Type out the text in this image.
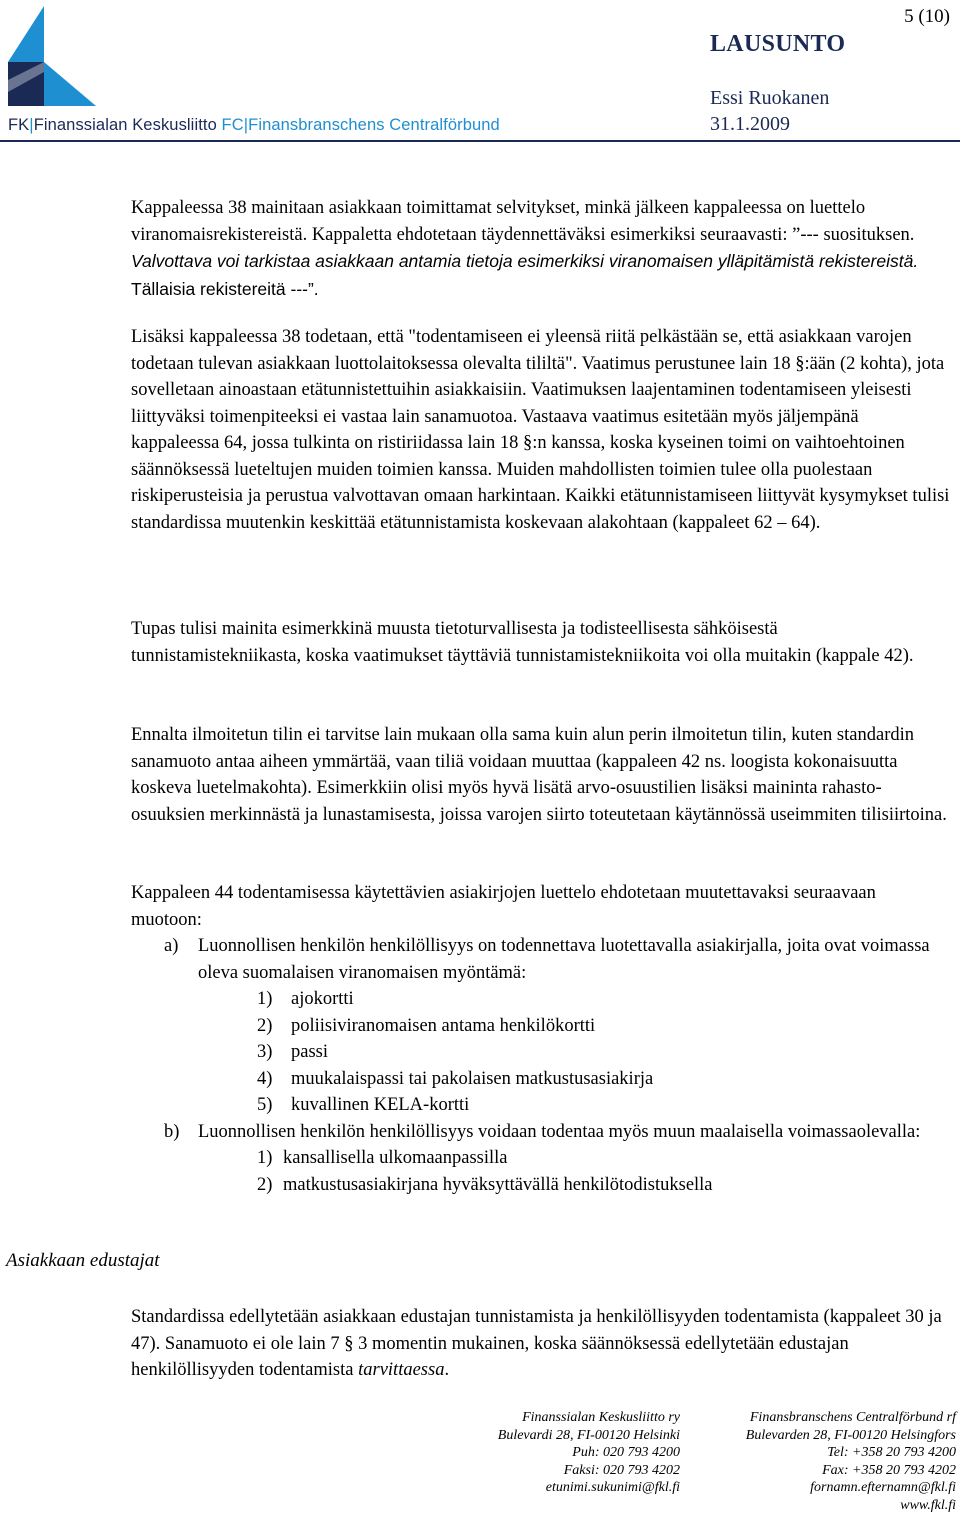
FK|Finanssialan Keskusliitto FC|Finansbranschens Centralförbund
5 (10)
LAUSUNTO
Essi Ruokanen
31.1.2009

Kappaleessa 38 mainitaan asiakkaan toimittamat selvitykset, minkä jälkeen kappaleessa on luettelo viranomaisrekistereistä. Kappaletta ehdotetaan täydennettäväksi esimerkiksi seuraavasti: ”--- suosituksen. Valvottava voi tarkistaa asiakkaan antamia tietoja esimerkiksi viranomaisen ylläpitämistä rekistereistä. Tällaisia rekistereitä ---”.

Lisäksi kappaleessa 38 todetaan, että "todentamiseen ei yleensä riitä pelkästään se, että asiakkaan varojen todetaan tulevan asiakkaan luottolaitoksessa olevalta tililtä". Vaatimus perustunee lain 18 §:ään (2 kohta), jota sovelletaan ainoastaan etätunnistettuihin asiakkaisiin. Vaatimuksen laajentaminen todentamiseen yleisesti liittyväksi toimenpiteeksi ei vastaa lain sanamuotoa. Vastaava vaatimus esitetään myös jäljempänä kappaleessa 64, jossa tulkinta on ristiriidassa lain 18 §:n kanssa, koska kyseinen toimi on vaihtoehtoinen säännöksessä lueteltujen muiden toimien kanssa. Muiden mahdollisten toimien tulee olla puolestaan riskiperusteisia ja perustua valvottavan omaan harkintaan. Kaikki etätunnistamiseen liittyvät kysymykset tulisi standardissa muutenkin keskittää etätunnistamista koskevaan alakohtaan (kappaleet 62 – 64).

Tupas tulisi mainita esimerkkinä muusta tietoturvallisesta ja todisteellisesta sähköisestä tunnistamistekniikasta, koska vaatimukset täyttäviä tunnistamistekniikoita voi olla muitakin (kappale 42).

Ennalta ilmoitetun tilin ei tarvitse lain mukaan olla sama kuin alun perin ilmoitetun tilin, kuten standardin sanamuoto antaa aiheen ymmärtää, vaan tiliä voidaan muuttaa (kappaleen 42 ns. loogista kokonaisuutta koskeva luetelmakohta). Esimerkkiin olisi myös hyvä lisätä arvo-osuustilien lisäksi maininta rahasto-osuuksien merkinnästä ja lunastamisesta, joissa varojen siirto toteutetaan käytännössä useimmiten tilisiirtoina.

Kappaleen 44 todentamisessa käytettävien asiakirjojen luettelo ehdotetaan muutettavaksi seuraavaan muotoon:

a)	Luonnollisen henkilön henkilöllisyys on todennettava luotettavalla asiakirjalla, joita ovat voimassa oleva suomalaisen viranomaisen myöntämä:
1)	ajokortti
2)	poliisiviranomaisen antama henkilökortti
3)	passi
4)	muukalaispassi tai pakolaisen matkustusasiakirja
5)	kuvallinen KELA-kortti
b)	Luonnollisen henkilön henkilöllisyys voidaan todentaa myös muun maalaisella voimassaolevalla:
1) kansallisella ulkomaanpassilla
2) matkustusasiakirjana hyväksyttävällä henkilötodistuksella
Asiakkaan edustajat

Standardissa edellytetään asiakkaan edustajan tunnistamista ja henkilöllisyyden todentamista (kappaleet 30 ja 47). Sanamuoto ei ole lain 7 § 3 momentin mukainen, koska säännöksessä edellytetään edustajan henkilöllisyyden todentamista tarvittaessa.

Finanssialan Keskusliitto ry
Bulevardi 28, FI-00120 Helsinki
Puh: 020 793 4200
Faksi: 020 793 4202
etunimi.sukunimi@fkl.fi
Finansbranschens Centralförbund rf
Bulevarden 28, FI-00120 Helsingfors
Tel: +358 20 793 4200
Fax: +358 20 793 4202
fornamn.efternamn@fkl.fi
www.fkl.fi
